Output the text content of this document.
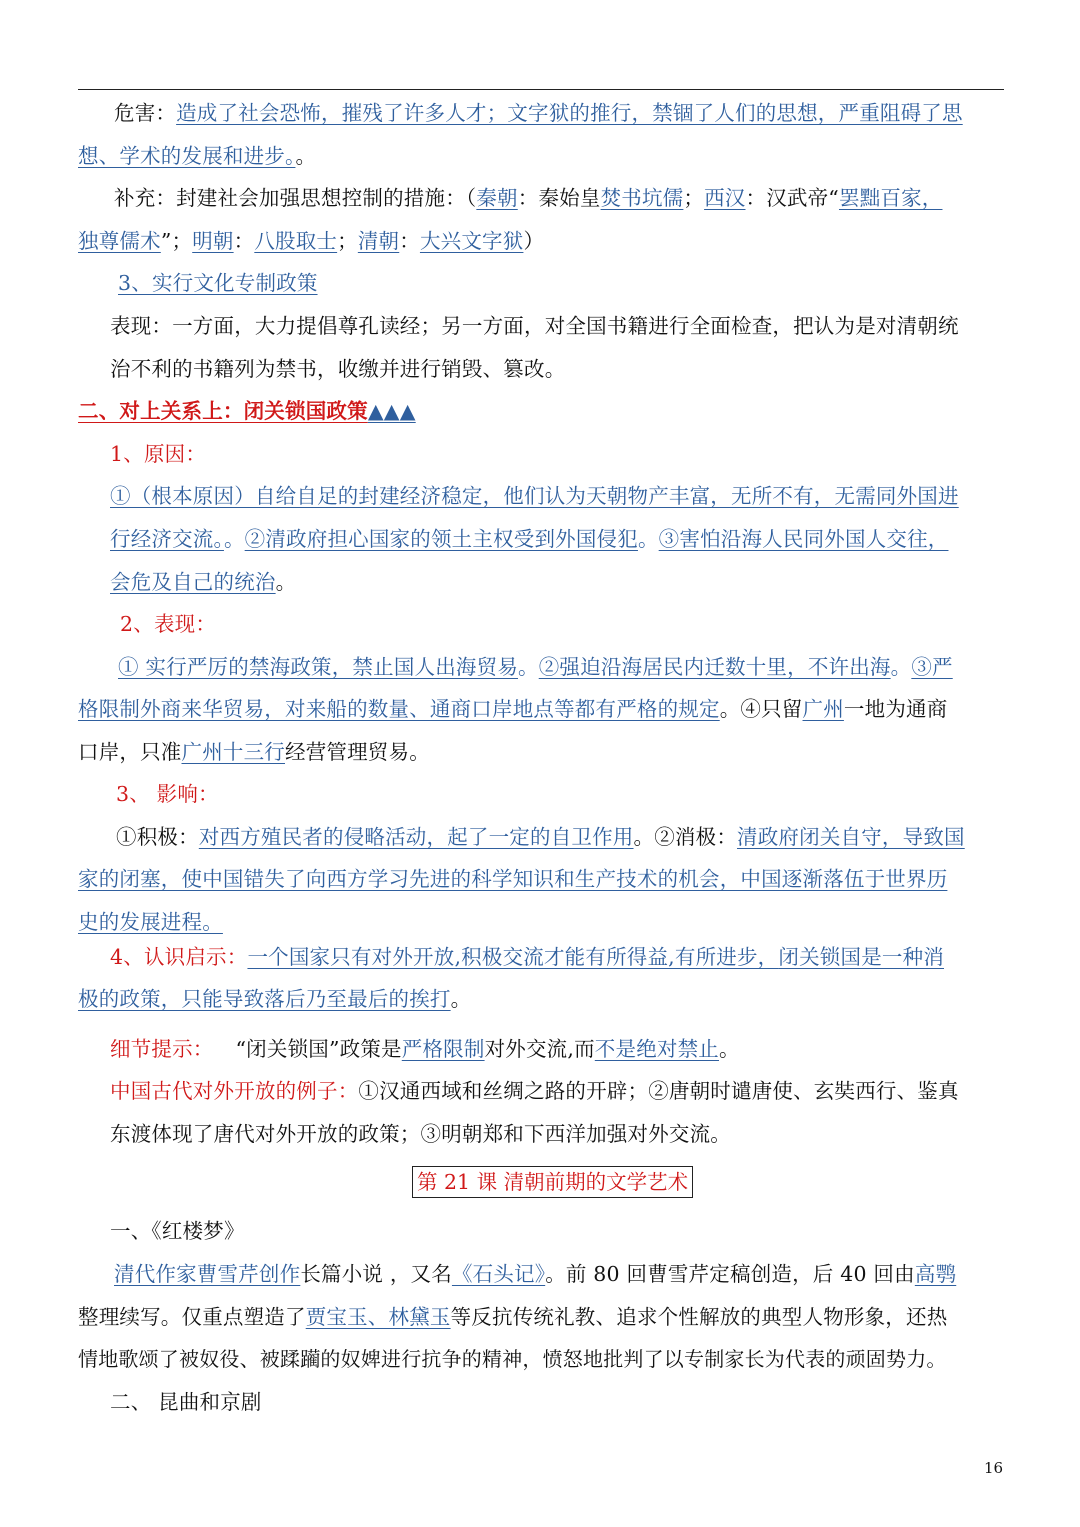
危害：造成了社会恐怖，摧残了许多人才；文字狱的推行，禁锢了人们的思想，严重阻碍了思
想、学术的发展和进步。。
补充：封建社会加强思想控制的措施：（秦朝：秦始皇焚书坑儒；西汉：汉武帝“罢黜百家，
独尊儒术”；明朝：八股取士；清朝：大兴文字狱）
3、实行文化专制政策
表现：一方面，大力提倡尊孔读经；另一方面，对全国书籍进行全面检查，把认为是对清朝统
治不利的书籍列为禁书，收缴并进行销毁、篡改。
二、对上关系上：闭关锁国政策▲▲▲
1、原因：
①（根本原因）自给自足的封建经济稳定，他们认为天朝物产丰富，无所不有，无需同外国进
行经济交流。。②清政府担心国家的领土主权受到外国侵犯。③害怕沿海人民同外国人交往，
会危及自己的统治。
2、表现：
① 实行严厉的禁海政策，禁止国人出海贸易。②强迫沿海居民内迁数十里，不许出海。③严
格限制外商来华贸易，对来船的数量、通商口岸地点等都有严格的规定。④只留广州一地为通商
口岸，只准广州十三行经营管理贸易。
3、 影响：
①积极：对西方殖民者的侵略活动，起了一定的自卫作用。②消极：清政府闭关自守，导致国
家的闭塞，使中国错失了向西方学习先进的科学知识和生产技术的机会，中国逐渐落伍于世界历
史的发展进程。
4、认识启示：一个国家只有对外开放,积极交流才能有所得益,有所进步，闭关锁国是一种消
极的政策，只能导致落后乃至最后的挨打。
细节提示： “闭关锁国”政策是严格限制对外交流,而不是绝对禁止。
中国古代对外开放的例子：①汉通西域和丝绸之路的开辟；②唐朝时谴唐使、玄奘西行、鉴真
东渡体现了唐代对外开放的政策；③明朝郑和下西洋加强对外交流。
第 21 课 清朝前期的文学艺术
一、《红楼梦》
清代作家曹雪芹创作长篇小说 ，又名《石头记》。前 80 回曹雪芹定稿创造，后 40 回由高鹗
整理续写。仅重点塑造了贾宝玉、林黛玉等反抗传统礼教、追求个性解放的典型人物形象，还热
情地歌颂了被奴役、被蹂躏的奴婢进行抗争的精神，愤怒地批判了以专制家长为代表的顽固势力。
二、 昆曲和京剧
16
